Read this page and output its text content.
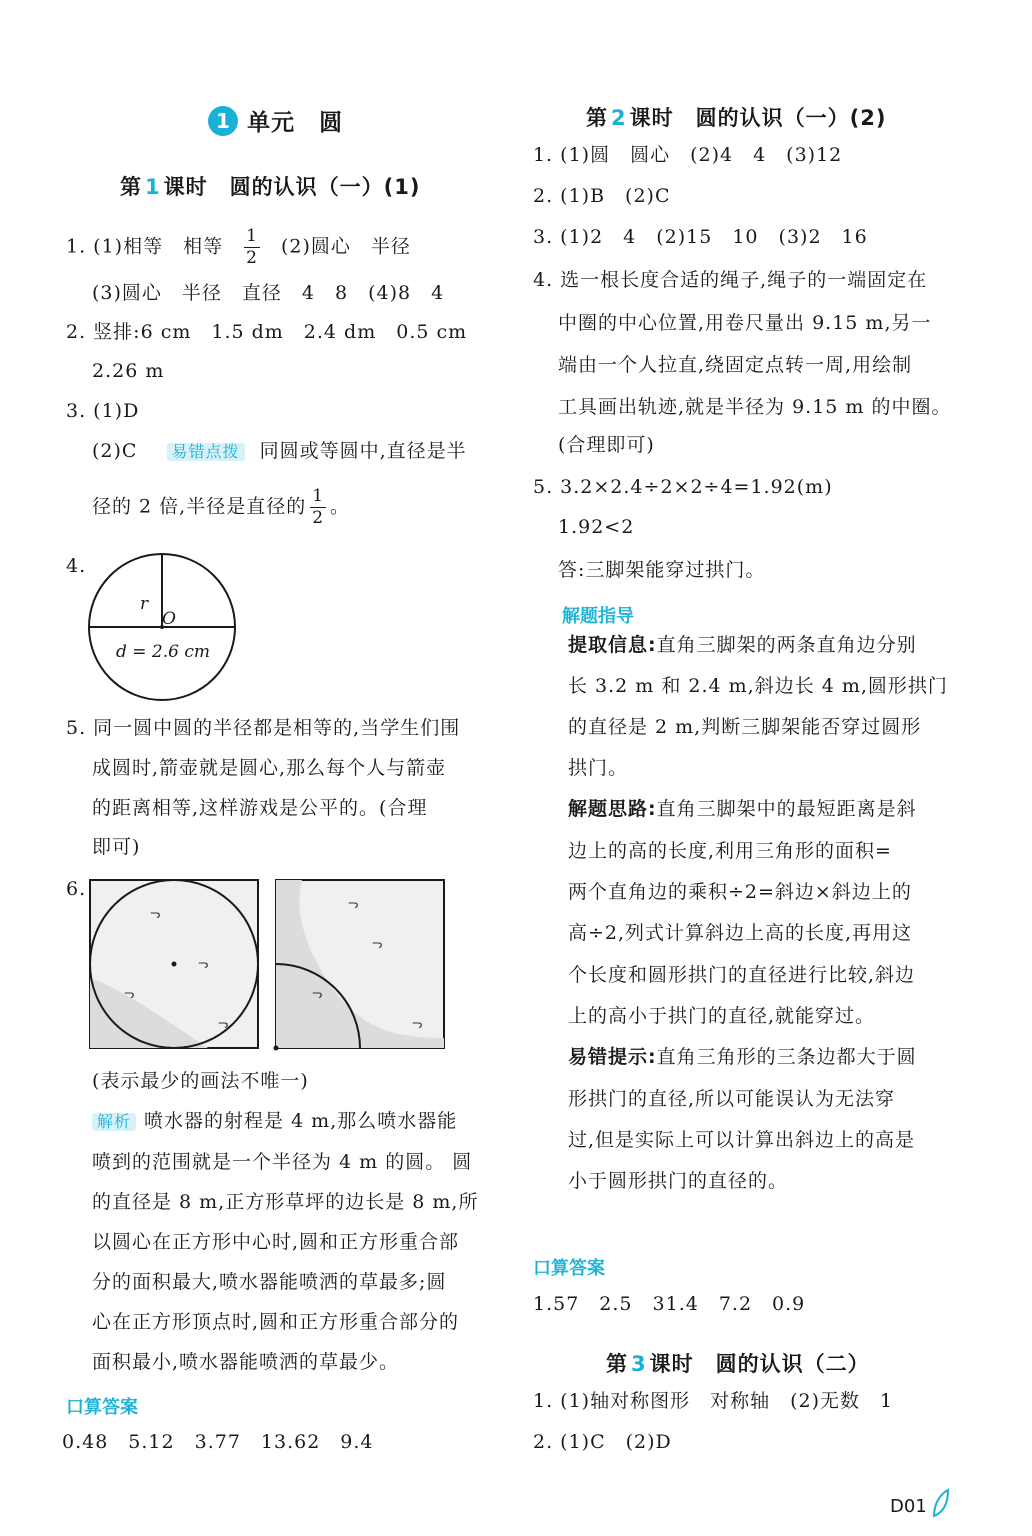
1 单元　圆
第 1 课时　圆的认识（一）(1)
1. (1)相等　相等 $\frac{1}{2} (2)$圆心　半径
(3)圆心　半径　直径　4　8　(4)8　4
2. 竖排:6 cm　1.5 dm　2.4 dm　0.5 cm
2.26 m
3. (1)D
(2)C 易错点拨 同圆或等圆中,直径是半
径的 2 倍,半径是直径的 $\frac{1}{2}$ 。
4.
r
O
d = 2.6 cm
5. 同一圆中圆的半径都是相等的,当学生们围
成圆时,箭壶就是圆心,那么每个人与箭壶
的距离相等,这样游戏是公平的。(合理
即可)
6.
ᓓ
ᓓ
ᓓ
ᓓ
ᓓ
ᓓ
ᓓ
ᓓ
(表示最少的画法不唯一)
解析 喷水器的射程是 4 m,那么喷水器能
喷到的范围就是一个半径为 4 m 的圆。 圆
的直径是 8 m,正方形草坪的边长是 8 m,所
以圆心在正方形中心时,圆和正方形重合部
分的面积最大,喷水器能喷洒的草最多;圆
心在正方形顶点时,圆和正方形重合部分的
面积最小,喷水器能喷洒的草最少。
口算答案
0.48　5.12　3.77　13.62　9.4
第 2 课时　圆的认识（一）(2)
1. (1)圆　圆心　(2)4　4　(3)12
2. (1)B　(2)C
3. (1)2　4　(2)15　10　(3)2　16
4. 选一根长度合适的绳子,绳子的一端固定在
中圈的中心位置,用卷尺量出 9.15 m,另一
端由一个人拉直,绕固定点转一周,用绘制
工具画出轨迹,就是半径为 9.15 m 的中圈。
(合理即可)
5. 3.2×2.4÷2×2÷4=1.92(m)
1.92<2
答:三脚架能穿过拱门。
解题指导
提取信息:直角三脚架的两条直角边分别
长 3.2 m 和 2.4 m,斜边长 4 m,圆形拱门
的直径是 2 m,判断三脚架能否穿过圆形
拱门。
解题思路:直角三脚架中的最短距离是斜
边上的高的长度,利用三角形的面积=
两个直角边的乘积÷2=斜边×斜边上的
高÷2,列式计算斜边上高的长度,再用这
个长度和圆形拱门的直径进行比较,斜边
上的高小于拱门的直径,就能穿过。
易错提示:直角三角形的三条边都大于圆
形拱门的直径,所以可能误认为无法穿
过,但是实际上可以计算出斜边上的高是
小于圆形拱门的直径的。
口算答案
1.57　2.5　31.4　7.2　0.9
第 3 课时　圆的认识（二）
1. (1)轴对称图形　对称轴　(2)无数　1
2. (1)C　(2)D
D01
